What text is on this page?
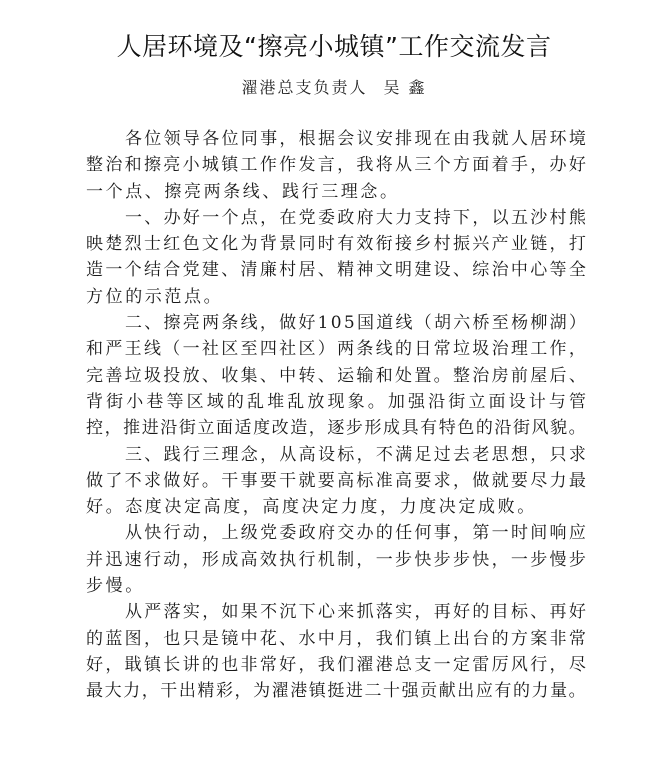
人居环境及“擦亮小城镇”工作交流发言
濯港总支负责人 吴 鑫
各 位 领 导 各 位 同 事 ， 根 据 会 议 安 排 现 在 由 我 就 人 居 环 境
整 治 和 擦 亮 小 城 镇 工 作 作 发 言 ， 我 将 从 三 个 方 面 着 手 ， 办 好
一个点、擦亮两条线、践行三理念。
一 、 办 好 一 个 点 ， 在 党 委 政 府 大 力 支 持 下 ， 以 五 沙 村 熊
映 楚 烈 士 红 色 文 化 为 背 景 同 时 有 效 衔 接 乡 村 振 兴 产 业 链 ， 打
造 一 个 结 合 党 建 、 清 廉 村 居 、 精 神 文 明 建 设 、 综 治 中 心 等 全
方位的示范点。
二 、 擦 亮 两 条 线 ， 做 好 1 0 5 国 道 线 （ 胡 六 桥 至 杨 柳 湖 ）
和 严 王 线 （ 一 社 区 至 四 社 区 ） 两 条 线 的 日 常 垃 圾 治 理 工 作 ，
完 善 垃 圾 投 放 、 收 集 、 中 转 、 运 输 和 处 置 。 整 治 房 前 屋 后 、
背 街 小 巷 等 区 域 的 乱 堆 乱 放 现 象 。 加 强 沿 街 立 面 设 计 与 管
控 ， 推 进 沿 街 立 面 适 度 改 造 ， 逐 步 形 成 具 有 特 色 的 沿 街 风 貌 。
三 、 践 行 三 理 念 ， 从 高 设 标 ， 不 满 足 过 去 老 思 想 ， 只 求
做 了 不 求 做 好 。 干 事 要 干 就 要 高 标 准 高 要 求 ， 做 就 要 尽 力 最
好。态度决定高度，高度决定力度，力度决定成败。
从 快 行 动 ， 上 级 党 委 政 府 交 办 的 任 何 事 ， 第 一 时 间 响 应
并 迅 速 行 动 ， 形 成 高 效 执 行 机 制 ， 一 步 快 步 步 快 ， 一 步 慢 步
步慢。
从 严 落 实 ， 如 果 不 沉 下 心 来 抓 落 实 ， 再 好 的 目 标 、 再 好
的 蓝 图 ， 也 只 是 镜 中 花 、 水 中 月 ， 我 们 镇 上 出 台 的 方 案 非 常
好 ， 戢 镇 长 讲 的 也 非 常 好 ， 我 们 濯 港 总 支 一 定 雷 厉 风 行 ， 尽
最 大 力 ， 干 出 精 彩 ， 为 濯 港 镇 挺 进 二 十 强 贡 献 出 应 有 的 力 量 。
